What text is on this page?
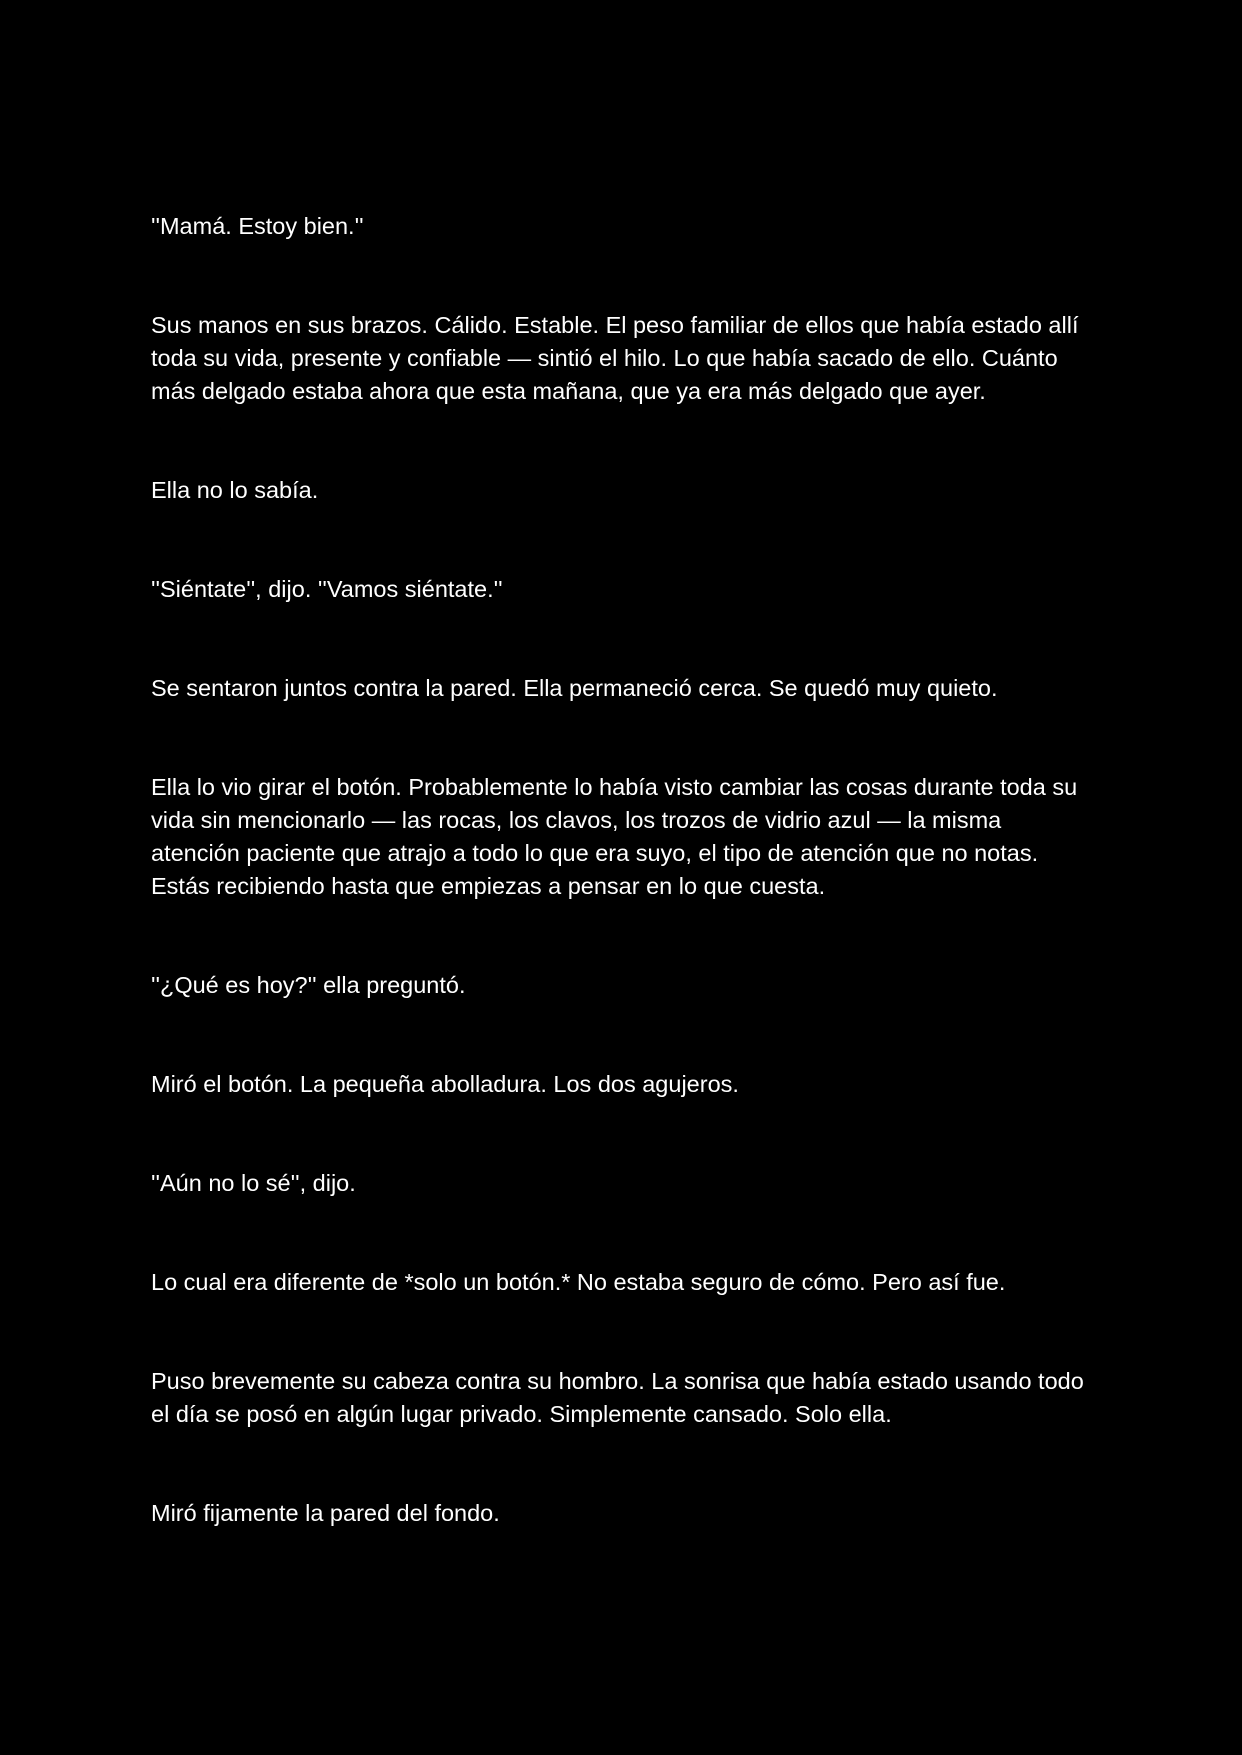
''Mamá. Estoy bien.''

Sus manos en sus brazos. Cálido. Estable. El peso familiar de ellos que había estado allí toda su vida, presente y confiable — sintió el hilo. Lo que había sacado de ello. Cuánto más delgado estaba ahora que esta mañana, que ya era más delgado que ayer.

Ella no lo sabía.

''Siéntate'', dijo. ''Vamos siéntate.''

Se sentaron juntos contra la pared. Ella permaneció cerca. Se quedó muy quieto.

Ella lo vio girar el botón. Probablemente lo había visto cambiar las cosas durante toda su vida sin mencionarlo — las rocas, los clavos, los trozos de vidrio azul — la misma atención paciente que atrajo a todo lo que era suyo, el tipo de atención que no notas. Estás recibiendo hasta que empiezas a pensar en lo que cuesta.

''¿Qué es hoy?'' ella preguntó.

Miró el botón. La pequeña abolladura. Los dos agujeros.

''Aún no lo sé'', dijo.

Lo cual era diferente de *solo un botón.* No estaba seguro de cómo. Pero así fue.

Puso brevemente su cabeza contra su hombro. La sonrisa que había estado usando todo el día se posó en algún lugar privado. Simplemente cansado. Solo ella.

Miró fijamente la pared del fondo.
